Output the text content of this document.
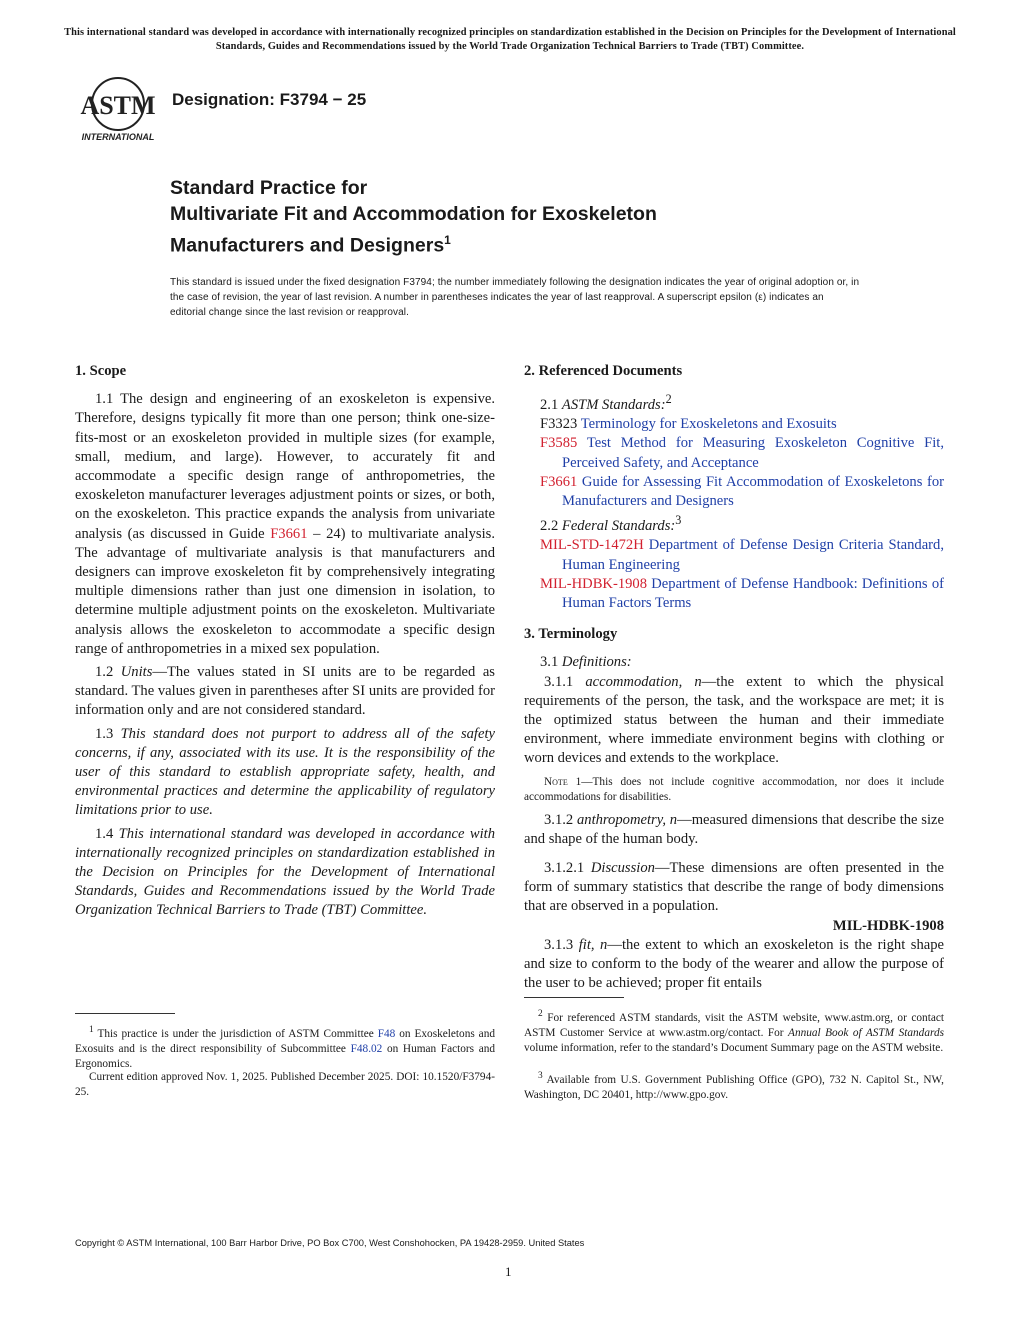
This international standard was developed in accordance with internationally recognized principles on standardization established in the Decision on Principles for the Development of International Standards, Guides and Recommendations issued by the World Trade Organization Technical Barriers to Trade (TBT) Committee.
ASTM
INTERNATIONAL
Designation: F3794 − 25
Standard Practice for
Multivariate Fit and Accommodation for Exoskeleton
Manufacturers and Designers$^1$
This standard is issued under the fixed designation F3794; the number immediately following the designation indicates the year of original adoption or, in the case of revision, the year of last revision. A number in parentheses indicates the year of last reapproval. A superscript epsilon (ε) indicates an editorial change since the last revision or reapproval.
1. Scope
1.1 The design and engineering of an exoskeleton is expensive. Therefore, designs typically fit more than one person; think one-size-fits-most or an exoskeleton provided in multiple sizes (for example, small, medium, and large). However, to accurately fit and accommodate a specific design range of anthropometries, the exoskeleton manufacturer leverages adjustment points or sizes, or both, on the exoskeleton. This practice expands the analysis from univariate analysis (as discussed in Guide F3661 – 24) to multivariate analysis. The advantage of multivariate analysis is that manufacturers and designers can improve exoskeleton fit by comprehensively integrating multiple dimensions rather than just one dimension in isolation, to determine multiple adjustment points on the exoskeleton. Multivariate analysis allows the exoskeleton to accommodate a specific design range of anthropometries in a mixed sex population.
1.2 Units—The values stated in SI units are to be regarded as standard. The values given in parentheses after SI units are provided for information only and are not considered standard.
1.3 This standard does not purport to address all of the safety concerns, if any, associated with its use. It is the responsibility of the user of this standard to establish appropriate safety, health, and environmental practices and determine the applicability of regulatory limitations prior to use.
1.4 This international standard was developed in accordance with internationally recognized principles on standardization established in the Decision on Principles for the Development of International Standards, Guides and Recommendations issued by the World Trade Organization Technical Barriers to Trade (TBT) Committee.
2. Referenced Documents
2.1 ASTM Standards:$^2$
F3323 Terminology for Exoskeletons and Exosuits
F3585 Test Method for Measuring Exoskeleton Cognitive Fit, Perceived Safety, and Acceptance
F3661 Guide for Assessing Fit Accommodation of Exoskeletons for Manufacturers and Designers
2.2 Federal Standards:$^3$
MIL-STD-1472H Department of Defense Design Criteria Standard, Human Engineering
MIL-HDBK-1908 Department of Defense Handbook: Definitions of Human Factors Terms
3. Terminology
3.1 Definitions:
3.1.1 accommodation, n—the extent to which the physical requirements of the person, the task, and the workspace are met; it is the optimized status between the human and their immediate environment, where immediate environment begins with clothing or worn devices and extends to the workplace.
Note 1—This does not include cognitive accommodation, nor does it include accommodations for disabilities.
3.1.2 anthropometry, n—measured dimensions that describe the size and shape of the human body.
3.1.2.1 Discussion—These dimensions are often presented in the form of summary statistics that describe the range of body dimensions that are observed in a population.
MIL-HDBK-1908
3.1.3 fit, n—the extent to which an exoskeleton is the right shape and size to conform to the body of the wearer and allow the purpose of the user to be achieved; proper fit entails
$^1$ This practice is under the jurisdiction of ASTM Committee F48 on Exoskeletons and Exosuits and is the direct responsibility of Subcommittee F48.02 on Human Factors and Ergonomics.
Current edition approved Nov. 1, 2025. Published December 2025. DOI: 10.1520/F3794-25.
$^2$ For referenced ASTM standards, visit the ASTM website, www.astm.org, or contact ASTM Customer Service at www.astm.org/contact. For Annual Book of ASTM Standards volume information, refer to the standard’s Document Summary page on the ASTM website.
$^3$ Available from U.S. Government Publishing Office (GPO), 732 N. Capitol St., NW, Washington, DC 20401, http://www.gpo.gov.
Copyright © ASTM International, 100 Barr Harbor Drive, PO Box C700, West Conshohocken, PA 19428-2959. United States
1
